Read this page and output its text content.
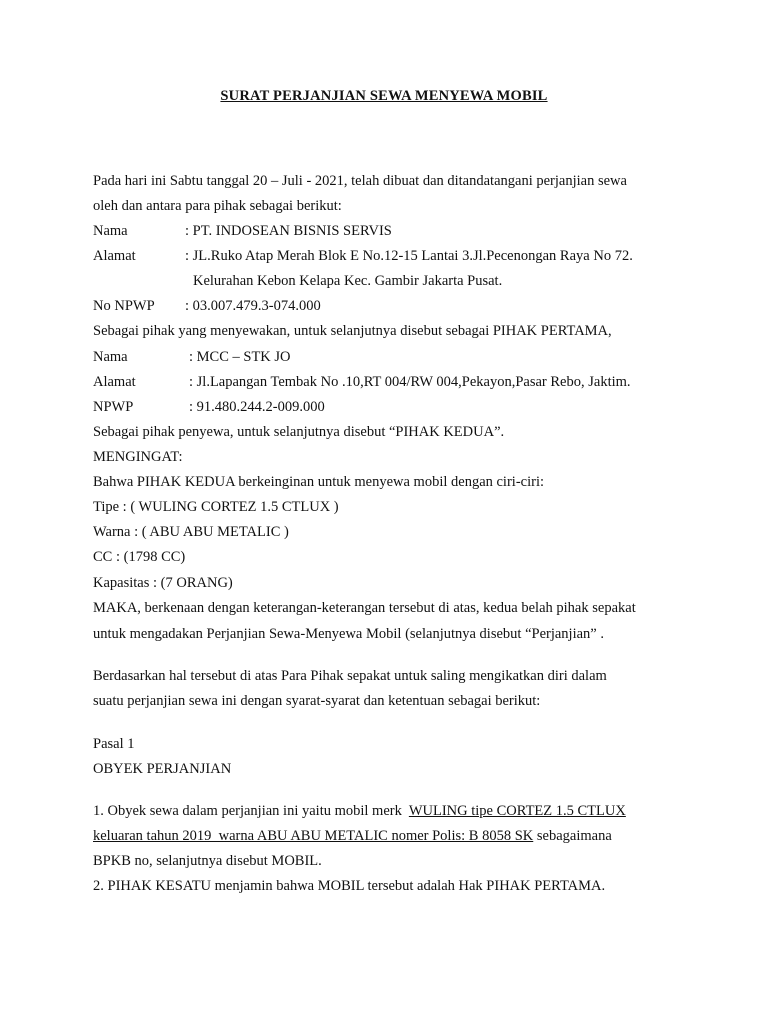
SURAT PERJANJIAN SEWA MENYEWA MOBIL
Pada hari ini Sabtu tanggal 20 – Juli - 2021, telah dibuat dan ditandatangani perjanjian sewa
oleh dan antara para pihak sebagai berikut:
Nama	: PT. INDOSEAN BISNIS SERVIS
Alamat	: JL.Ruko Atap Merah Blok E No.12-15 Lantai 3.Jl.Pecenongan Raya No 72.
Kelurahan Kebon Kelapa Kec. Gambir Jakarta Pusat.
No NPWP : 03.007.479.3-074.000
Sebagai pihak yang menyewakan, untuk selanjutnya disebut sebagai PIHAK PERTAMA,
Nama	: MCC – STK JO
Alamat	: Jl.Lapangan Tembak No .10,RT 004/RW 004,Pekayon,Pasar Rebo, Jaktim.
NPWP	: 91.480.244.2-009.000
Sebagai pihak penyewa, untuk selanjutnya disebut “PIHAK KEDUA”.
MENGINGAT:
Bahwa PIHAK KEDUA berkeinginan untuk menyewa mobil dengan ciri-ciri:
Tipe : ( WULING CORTEZ 1.5 CTLUX )
Warna : ( ABU ABU METALIC )
CC : (1798 CC)
Kapasitas : (7 ORANG)
MAKA, berkenaan dengan keterangan-keterangan tersebut di atas, kedua belah pihak sepakat
untuk mengadakan Perjanjian Sewa-Menyewa Mobil (selanjutnya disebut “Perjanjian” .
Berdasarkan hal tersebut di atas Para Pihak sepakat untuk saling mengikatkan diri dalam
suatu perjanjian sewa ini dengan syarat-syarat dan ketentuan sebagai berikut:
Pasal 1
OBYEK PERJANJIAN
1. Obyek sewa dalam perjanjian ini yaitu mobil merk  WULING tipe CORTEZ 1.5 CTLUX
keluaran tahun 2019  warna ABU ABU METALIC nomer Polis: B 8058 SK sebagaimana
BPKB no, selanjutnya disebut MOBIL.
2. PIHAK KESATU menjamin bahwa MOBIL tersebut adalah Hak PIHAK PERTAMA.
